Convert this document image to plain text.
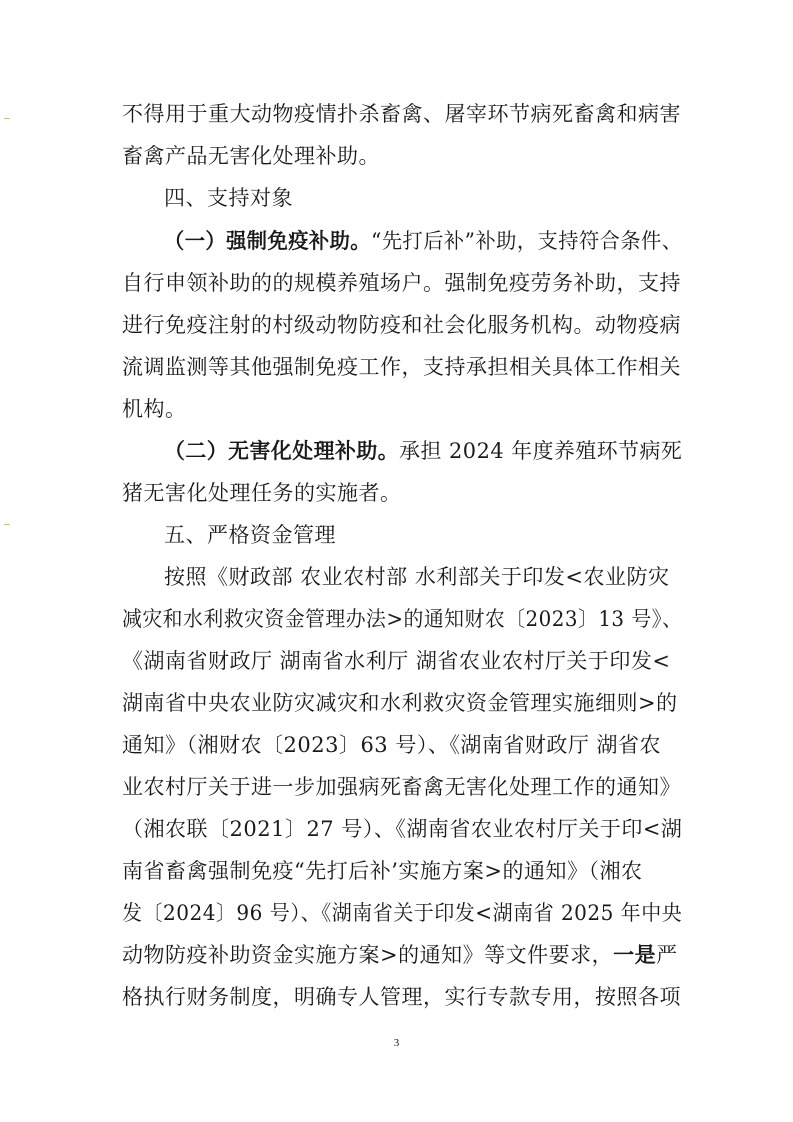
不得用于重大动物疫情扑杀畜禽、屠宰环节病死畜禽和病害
畜禽产品无害化处理补助。
四、支持对象
（一）强制免疫补助。“先打后补”补助，支持符合条件、
自行申领补助的的规模养殖场户。强制免疫劳务补助，支持
进行免疫注射的村级动物防疫和社会化服务机构。动物疫病
流调监测等其他强制免疫工作，支持承担相关具体工作相关
机构。
（二）无害化处理补助。承担 2024 年度养殖环节病死
猪无害化处理任务的实施者。
五、严格资金管理
按照《财政部 农业农村部 水利部关于印发<农业防灾
减灾和水利救灾资金管理办法>的通知财农〔2023〕13 号》、
《湖南省财政厅 湖南省水利厅 湖省农业农村厅关于印发<
湖南省中央农业防灾减灾和水利救灾资金管理实施细则>的
通知》（湘财农〔2023〕63 号）、《湖南省财政厅 湖省农
业农村厅关于进一步加强病死畜禽无害化处理工作的通知》
（湘农联〔2021〕27 号）、《湖南省农业农村厅关于印<湖
南省畜禽强制免疫“先打后补’实施方案>的通知》（湘农
发〔2024〕96 号）、《湖南省关于印发<湖南省 2025 年中央
动物防疫补助资金实施方案>的通知》等文件要求，一是严
格执行财务制度，明确专人管理，实行专款专用，按照各项
3
